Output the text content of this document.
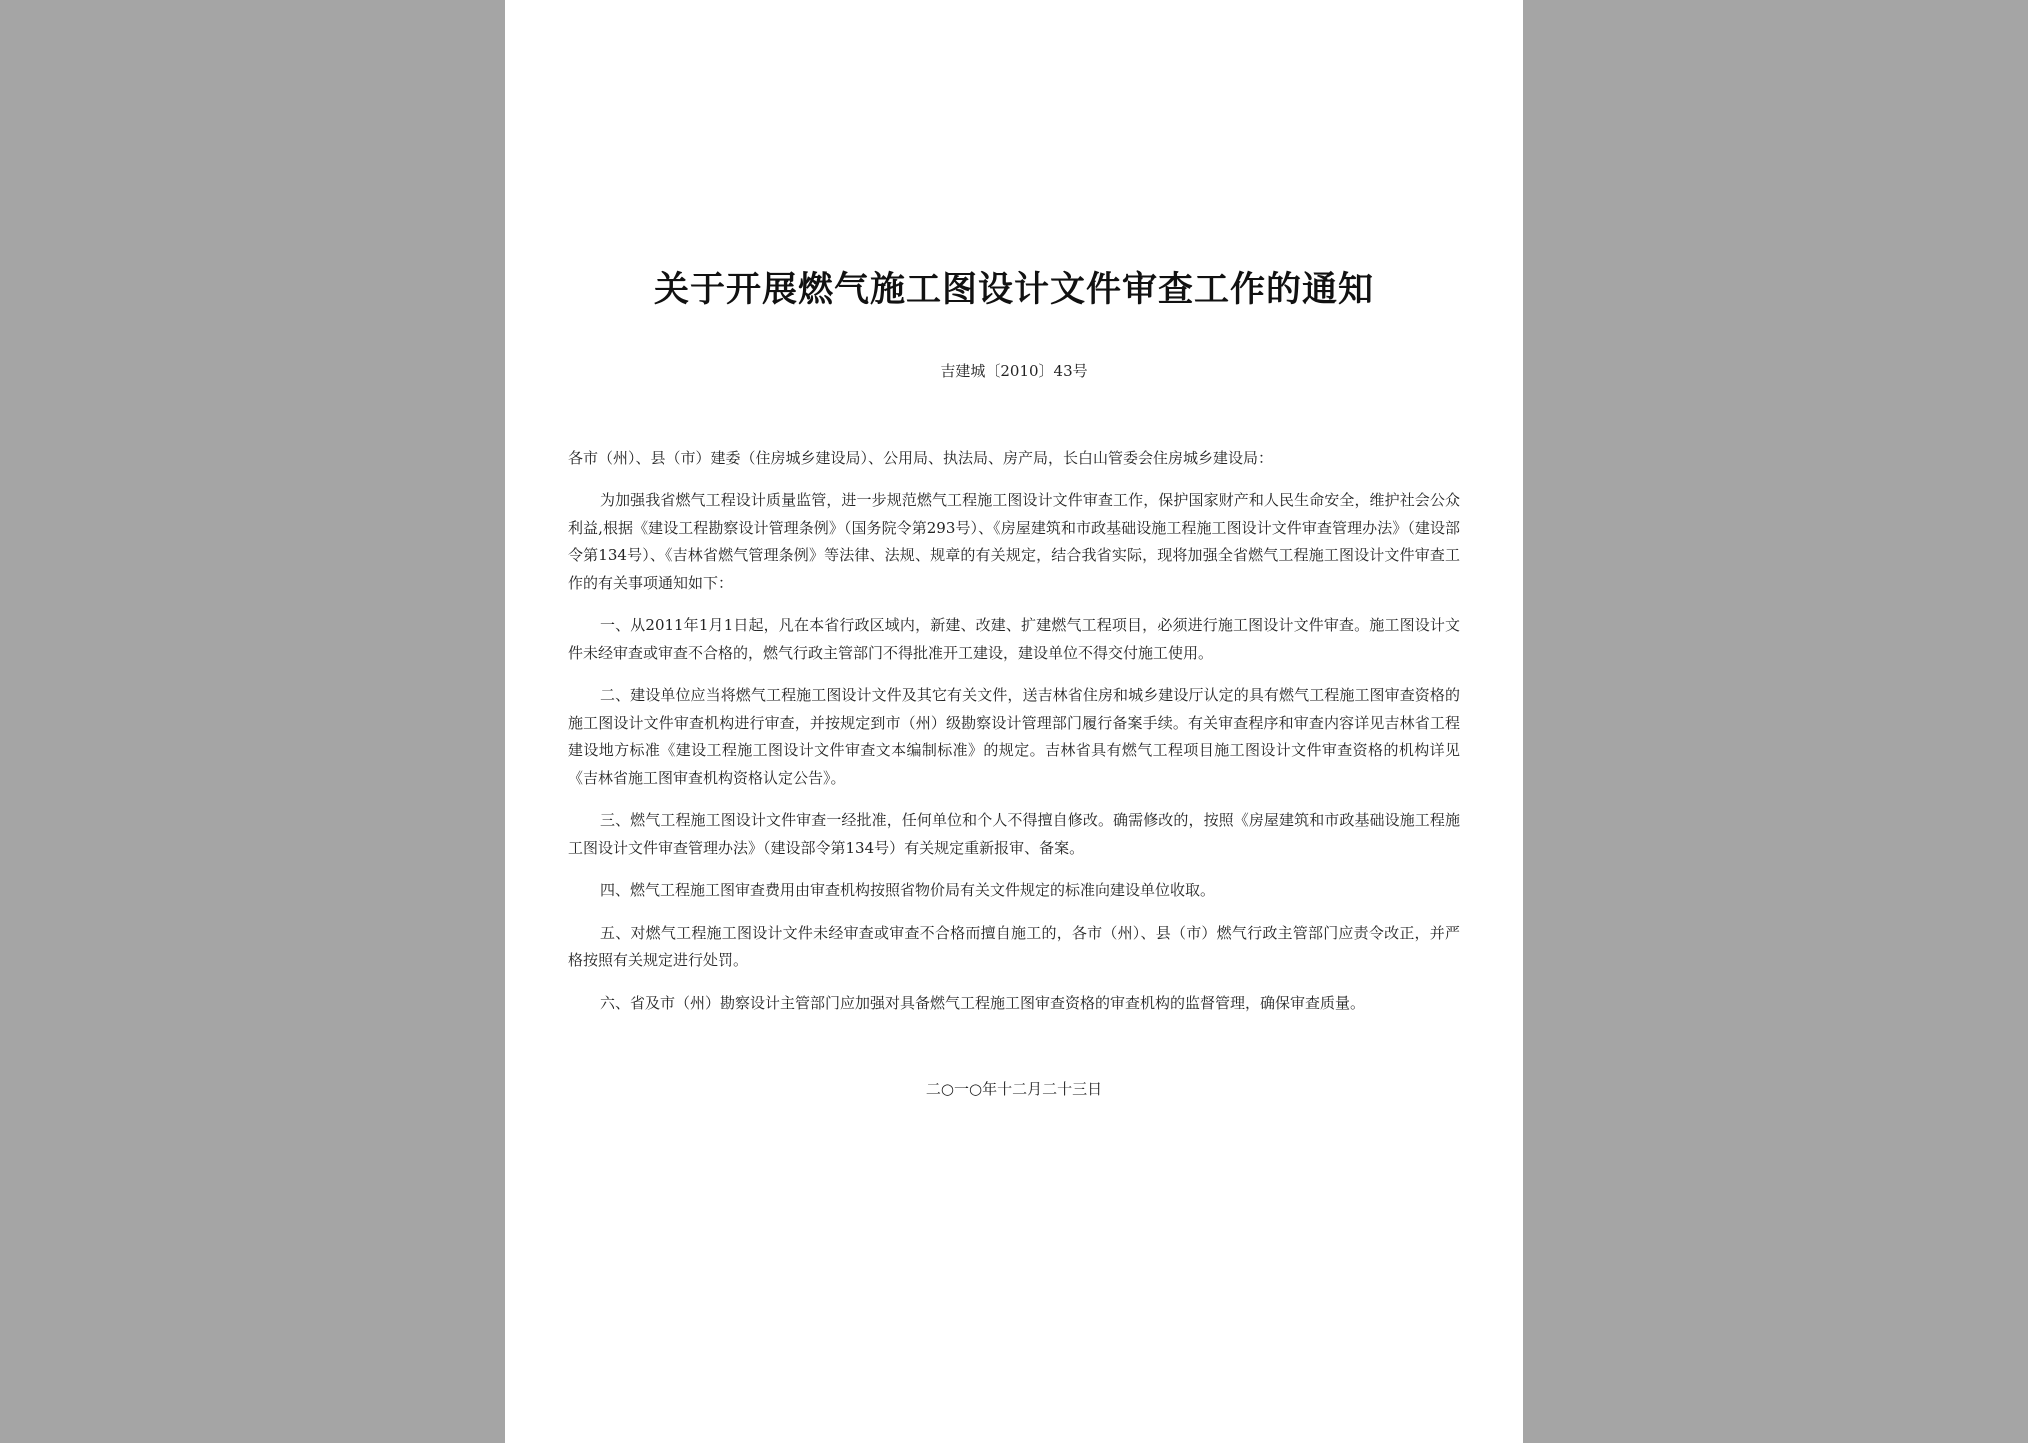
关于开展燃气施工图设计文件审查工作的通知
吉建城〔2010〕43号
各市（州）、县（市）建委（住房城乡建设局）、公用局、执法局、房产局，长白山管委会住房城乡建设局：

为加强我省燃气工程设计质量监管，进一步规范燃气工程施工图设计文件审查工作，保护国家财产和人民生命安全，维护社会公众利益,根据《建设工程勘察设计管理条例》（国务院令第293号）、《房屋建筑和市政基础设施工程施工图设计文件审查管理办法》（建设部令第134号）、《吉林省燃气管理条例》等法律、法规、规章的有关规定，结合我省实际，现将加强全省燃气工程施工图设计文件审查工作的有关事项通知如下：

一、从2011年1月1日起，凡在本省行政区域内，新建、改建、扩建燃气工程项目，必须进行施工图设计文件审查。施工图设计文件未经审查或审查不合格的，燃气行政主管部门不得批准开工建设，建设单位不得交付施工使用。

二、建设单位应当将燃气工程施工图设计文件及其它有关文件，送吉林省住房和城乡建设厅认定的具有燃气工程施工图审查资格的施工图设计文件审查机构进行审查，并按规定到市（州）级勘察设计管理部门履行备案手续。有关审查程序和审查内容详见吉林省工程建设地方标准《建设工程施工图设计文件审查文本编制标准》的规定。吉林省具有燃气工程项目施工图设计文件审查资格的机构详见《吉林省施工图审查机构资格认定公告》。

三、燃气工程施工图设计文件审查一经批准，任何单位和个人不得擅自修改。确需修改的，按照《房屋建筑和市政基础设施工程施工图设计文件审查管理办法》（建设部令第134号）有关规定重新报审、备案。

四、燃气工程施工图审查费用由审查机构按照省物价局有关文件规定的标准向建设单位收取。

五、对燃气工程施工图设计文件未经审查或审查不合格而擅自施工的，各市（州）、县（市）燃气行政主管部门应责令改正，并严格按照有关规定进行处罚。

六、省及市（州）勘察设计主管部门应加强对具备燃气工程施工图审查资格的审查机构的监督管理，确保审查质量。

二○一○年十二月二十三日
